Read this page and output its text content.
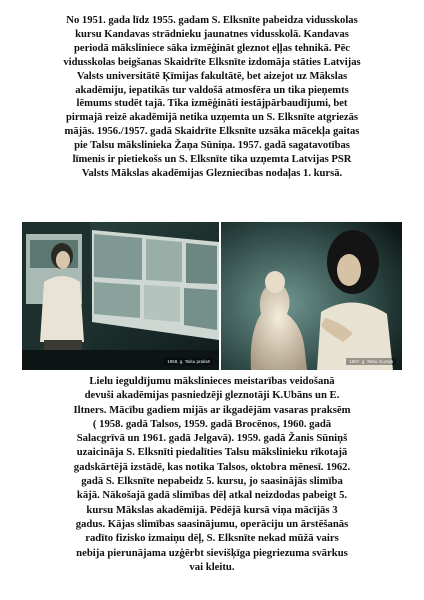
No 1951. gada līdz 1955. gadam S. Elksnīte pabeidza vidusskolas
kursu Kandavas strādnieku jaunatnes vidusskolā. Kandavas
periodā māksliniece sāka izmēģināt gleznot eļļas tehnikā. Pēc
vidusskolas beigšanas Skaidrīte Elksnīte izdomāja stāties Latvijas
Valsts universitātē Ķīmijas fakultātē, bet aizejot uz Mākslas
akadēmiju, iepatikās tur valdošā atmosfēra un tika pieņemts
lēmums studēt tajā. Tika izmēģināti iestājpārbaudījumi, bet
pirmajā reizē akadēmijā netika uzņemta un S. Elksnīte atgriezās
mājās. 1956./1957. gadā Skaidrīte Elksnīte uzsāka mācekļa gaitas
pie Talsu mākslinieka Žaņa Sūniņa. 1957. gadā sagatavotības
līmenis ir pietiekošs un S. Elksnīte tika uzņemta Latvijas PSR
Valsts Mākslas akadēmijas Glezniecības nodaļas 1. kursā.
1958. g. Talsu praksē	1957. g. Talsu muzejā
Lielu ieguldījumu mākslinieces meistarības veidošanā
devuši akadēmijas pasniedzēji gleznotāji K.Ubāns un E.
Iltners. Mācību gadiem mijās ar ikgadējām vasaras praksēm
( 1958. gadā Talsos, 1959. gadā Brocēnos, 1960. gadā
Salacgrīvā un 1961. gadā Jelgavā). 1959. gadā Žanis Sūniņš
uzaicināja S. Elksnīti piedalīties Talsu mākslinieku rīkotajā
gadskārtējā izstādē, kas notika Talsos, oktobra mēnesī. 1962.
gadā S. Elksnīte nepabeidz 5. kursu, jo saasinājās slimība
kājā. Nākošajā gadā slimības dēļ atkal neizdodas pabeigt 5.
kursu Mākslas akadēmijā. Pēdējā kursā viņa mācījās 3
gadus. Kājas slimības saasinājumu, operāciju un ārstēšanās
radīto fizisko izmaiņu dēļ, S. Elksnīte nekad mūžā vairs
nebija pierunājama uzģērbt sievišķīga piegriezuma svārkus
vai kleitu.
